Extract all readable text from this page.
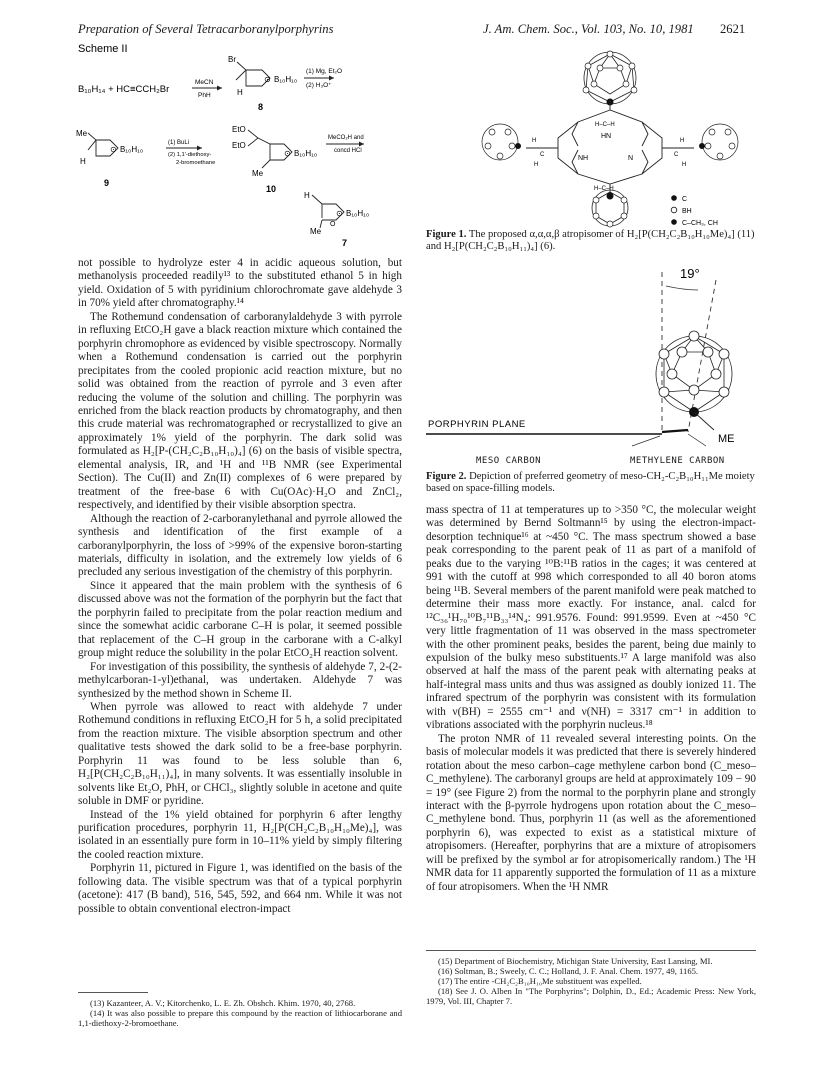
Preparation of Several Tetracarboranylporphyrins	J. Am. Chem. Soc., Vol. 103, No. 10, 1981 2621
Scheme II
B₁₀H₁₄ + HC≡CCH₂Br
MeCN
PhH
Br
⊙ B₁₀H₁₀
H
(1) Mg, Et₂O
(2) H₃O⁺
8
Me
⊙ B₁₀H₁₀
H
9
(1) BuLi
(2) 1,1′-diethoxy-
2-bromoethane
EtO
EtO
⊙ B₁₀H₁₀
Me
10
MeCO₂H and
concd HCl
H
O
⊙ B₁₀H₁₀
Me
7
H–C–H
HN
NH	N
H–C–H
H
C
H
H
C
H
C
BH
C–CH₃, CH
Figure 1. The proposed α,α,α,β atropisomer of H₂[P(CH₂C₂B₁₀H₁₀Me)₄] (11) and H₂[P(CH₂C₂B₁₀H₁₁)₄] (6).
19°
PORPHYRIN PLANE
ME
MESO CARBON	METHYLENE CARBON
Figure 2. Depiction of preferred geometry of meso-CH₂-C₂B₁₀H₁₁Me moiety based on space-filling models.

not possible to hydrolyze ester 4 in acidic aqueous solution, but methanolysis proceeded readily¹³ to the substituted ethanol 5 in high yield. Oxidation of 5 with pyridinium chlorochromate gave aldehyde 3 in 70% yield after chromatography.¹⁴

The Rothemund condensation of carboranylaldehyde 3 with pyrrole in refluxing EtCO₂H gave a black reaction mixture which contained the porphyrin chromophore as evidenced by visible spectroscopy. Normally when a Rothemund condensation is carried out the porphyrin precipitates from the cooled propionic acid reaction mixture, but no solid was obtained from the reaction of pyrrole and 3 even after reducing the volume of the solution and chilling. The porphyrin was enriched from the black reaction products by chromatography, and then this crude material was rechromatographed or recrystallized to give an approximately 1% yield of the porphyrin. The dark solid was formulated as H₂[P-(CH₂C₂B₁₀H₁₀)₄] (6) on the basis of visible spectra, elemental analysis, IR, and ¹H and ¹¹B NMR (see Experimental Section). The Cu(II) and Zn(II) complexes of 6 were prepared by treatment of the free-base 6 with Cu(OAc)·H₂O and ZnCl₂, respectively, and identified by their visible absorption spectra.

Although the reaction of 2-carboranylethanal and pyrrole allowed the synthesis and identification of the first example of a carboranylporphyrin, the loss of >99% of the expensive boron-starting materials, difficulty in isolation, and the extremely low yields of 6 precluded any serious investigation of the chemistry of this porphyrin.

Since it appeared that the main problem with the synthesis of 6 discussed above was not the formation of the porphyrin but the fact that the porphyrin failed to precipitate from the polar reaction medium and since the somewhat acidic carborane C–H is polar, it seemed possible that replacement of the C–H group in the carborane with a C-alkyl group might reduce the solubility in the polar EtCO₂H reaction solvent.

For investigation of this possibility, the synthesis of aldehyde 7, 2-(2-methylcarboran-1-yl)ethanal, was undertaken. Aldehyde 7 was synthesized by the method shown in Scheme II.

When pyrrole was allowed to react with aldehyde 7 under Rothemund conditions in refluxing EtCO₂H for 5 h, a solid precipitated from the reaction mixture. The visible absorption spectrum and other qualitative tests showed the dark solid to be a free-base porphyrin. Porphyrin 11 was found to be less soluble than 6, H₂[P(CH₂C₂B₁₀H₁₁)₄], in many solvents. It was essentially insoluble in solvents like Et₂O, PhH, or CHCl₃, slightly soluble in acetone and quite soluble in DMF or pyridine.

Instead of the 1% yield obtained for porphyrin 6 after lengthy purification procedures, porphyrin 11, H₂[P(CH₂C₂B₁₀H₁₀Me)₄], was isolated in an essentially pure form in 10–11% yield by simply filtering the cooled reaction mixture.

Porphyrin 11, pictured in Figure 1, was identified on the basis of the following data. The visible spectrum was that of a typical porphyrin (acetone): 417 (B band), 516, 545, 592, and 664 nm. While it was not possible to obtain conventional electron-impact

(13) Kazanteer, A. V.; Kitorchenko, L. E. Zh. Obshch. Khim. 1970, 40, 2768.

(14) It was also possible to prepare this compound by the reaction of lithiocarborane and 1,1-diethoxy-2-bromoethane.

mass spectra of 11 at temperatures up to >350 °C, the molecular weight was determined by Bernd Soltmann¹⁵ by using the electron-impact-desorption technique¹⁶ at ~450 °C. The mass spectrum showed a base peak corresponding to the parent peak of 11 as part of a manifold of peaks due to the varying ¹⁰B:¹¹B ratios in the cages; it was centered at 991 with the cutoff at 998 which corresponded to all 40 boron atoms being ¹¹B. Several members of the parent manifold were peak matched to determine their mass more exactly. For instance, anal. calcd for ¹²C₃₆¹H₇₀¹⁰B₇¹¹B₃₃¹⁴N₄: 991.9576. Found: 991.9599. Even at ~450 °C very little fragmentation of 11 was observed in the mass spectrometer with the other prominent peaks, besides the parent, being due mainly to expulsion of the bulky meso substituents.¹⁷ A large manifold was also observed at half the mass of the parent peak with alternating peaks at half-integral mass units and thus was assigned as doubly ionized 11. The infrared spectrum of the porphyrin was consistent with its formulation with ν(BH) = 2555 cm⁻¹ and ν(NH) = 3317 cm⁻¹ in addition to vibrations associated with the porphyrin nucleus.¹⁸

The proton NMR of 11 revealed several interesting points. On the basis of molecular models it was predicted that there is severely hindered rotation about the meso carbon–cage methylene carbon bond (C_meso–C_methylene). The carboranyl groups are held at approximately 109 − 90 = 19° (see Figure 2) from the normal to the porphyrin plane and strongly interact with the β-pyrrole hydrogens upon rotation about the C_meso–C_methylene bond. Thus, porphyrin 11 (as well as the aforementioned porphyrin 6), was expected to exist as a statistical mixture of atropisomers. (Hereafter, porphyrins that are a mixture of atropisomers will be prefixed by the symbol ar for atropisomerically random.) The ¹H NMR data for 11 apparently supported the formulation of 11 as a mixture of four atropisomers. When the ¹H NMR

(15) Department of Biochemistry, Michigan State University, East Lansing, MI.

(16) Soltman, B.; Sweely, C. C.; Holland, J. F. Anal. Chem. 1977, 49, 1165.

(17) The entire -CH₂C₂B₁₀H₁₀Me substituent was expelled.

(18) See J. O. Alben In "The Porphyrins"; Dolphin, D., Ed.; Academic Press: New York, 1979, Vol. III, Chapter 7.
